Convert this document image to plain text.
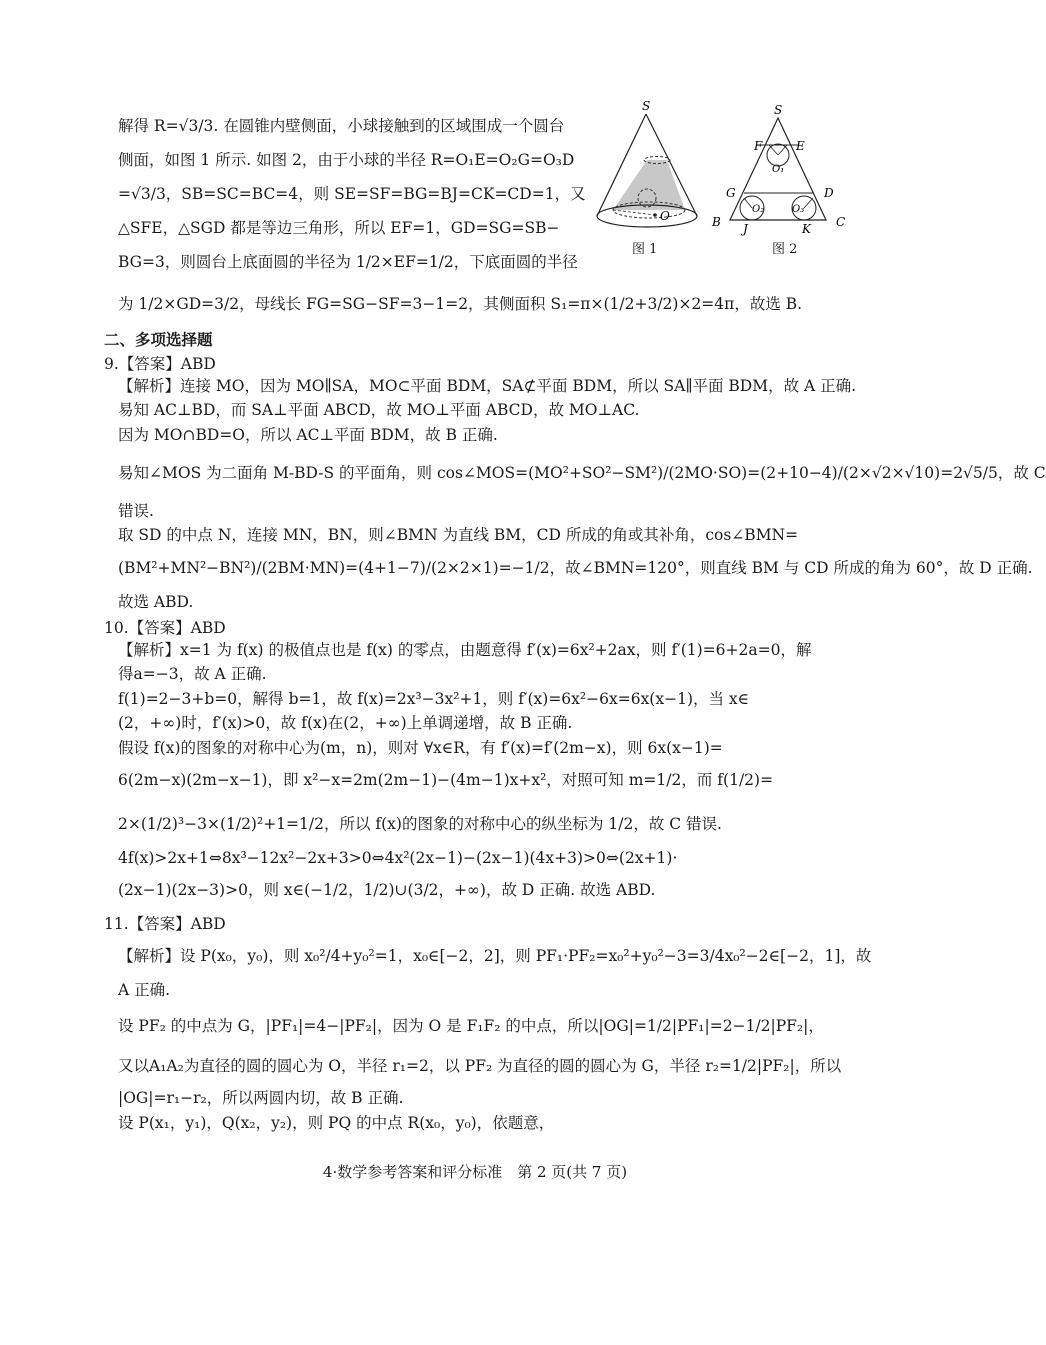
解得 R=√3/3. 在圆锥内壁侧面，小球接触到的区域围成一个圆台
侧面，如图 1 所示. 如图 2，由于小球的半径 R=O₁E=O₂G=O₃D
=√3/3，SB=SC=BC=4，则 SE=SF=BG=BJ=CK=CD=1，又
△SFE，△SGD 都是等边三角形，所以 EF=1，GD=SG=SB−
BG=3，则圆台上底面圆的半径为 1/2×EF=1/2，下底面圆的半径
为 1/2×GD=3/2，母线长 FG=SG−SF=3−1=2，其侧面积 S₁=π×(1/2+3/2)×2=4π，故选 B.
S
O
图 1
S
F	E
O₁
G	D
O₂	O₃
B J	K C
图 2
二、多项选择题
9.【答案】ABD
【解析】连接 MO，因为 MO∥SA，MO⊂平面 BDM，SA⊄平面 BDM，所以 SA∥平面 BDM，故 A 正确.
易知 AC⊥BD，而 SA⊥平面 ABCD，故 MO⊥平面 ABCD，故 MO⊥AC.
因为 MO∩BD=O，所以 AC⊥平面 BDM，故 B 正确.
易知∠MOS 为二面角 M-BD-S 的平面角，则 cos∠MOS=(MO²+SO²−SM²)/(2MO·SO)=(2+10−4)/(2×√2×√10)=2√5/5，故 C
错误.
取 SD 的中点 N，连接 MN，BN，则∠BMN 为直线 BM，CD 所成的角或其补角，cos∠BMN=
(BM²+MN²−BN²)/(2BM·MN)=(4+1−7)/(2×2×1)=−1/2，故∠BMN=120°，则直线 BM 与 CD 所成的角为 60°，故 D 正确.
故选 ABD.
10.【答案】ABD
【解析】x=1 为 f(x) 的极值点也是 f(x) 的零点，由题意得 f′(x)=6x²+2ax，则 f′(1)=6+2a=0，解
得a=−3，故 A 正确.
f(1)=2−3+b=0，解得 b=1，故 f(x)=2x³−3x²+1，则 f′(x)=6x²−6x=6x(x−1)，当 x∈
(2，+∞)时，f′(x)>0，故 f(x)在(2，+∞)上单调递增，故 B 正确.
假设 f(x)的图象的对称中心为(m，n)，则对 ∀x∈R，有 f′(x)=f′(2m−x)，则 6x(x−1)=
6(2m−x)(2m−x−1)，即 x²−x=2m(2m−1)−(4m−1)x+x²，对照可知 m=1/2，而 f(1/2)=
2×(1/2)³−3×(1/2)²+1=1/2，所以 f(x)的图象的对称中心的纵坐标为 1/2，故 C 错误.
4f(x)>2x+1⇔8x³−12x²−2x+3>0⇔4x²(2x−1)−(2x−1)(4x+3)>0⇔(2x+1)·
(2x−1)(2x−3)>0，则 x∈(−1/2，1/2)∪(3/2，+∞)，故 D 正确. 故选 ABD.
11.【答案】ABD
【解析】设 P(x₀，y₀)，则 x₀²/4+y₀²=1，x₀∈[−2，2]，则 PF₁·PF₂=x₀²+y₀²−3=3/4x₀²−2∈[−2，1]，故
A 正确.
设 PF₂ 的中点为 G，|PF₁|=4−|PF₂|，因为 O 是 F₁F₂ 的中点，所以|OG|=1/2|PF₁|=2−1/2|PF₂|，
又以A₁A₂为直径的圆的圆心为 O，半径 r₁=2，以 PF₂ 为直径的圆的圆心为 G，半径 r₂=1/2|PF₂|，所以
|OG|=r₁−r₂，所以两圆内切，故 B 正确.
设 P(x₁，y₁)，Q(x₂，y₂)，则 PQ 的中点 R(x₀，y₀)，依题意，
4·数学参考答案和评分标准　第 2 页(共 7 页)
